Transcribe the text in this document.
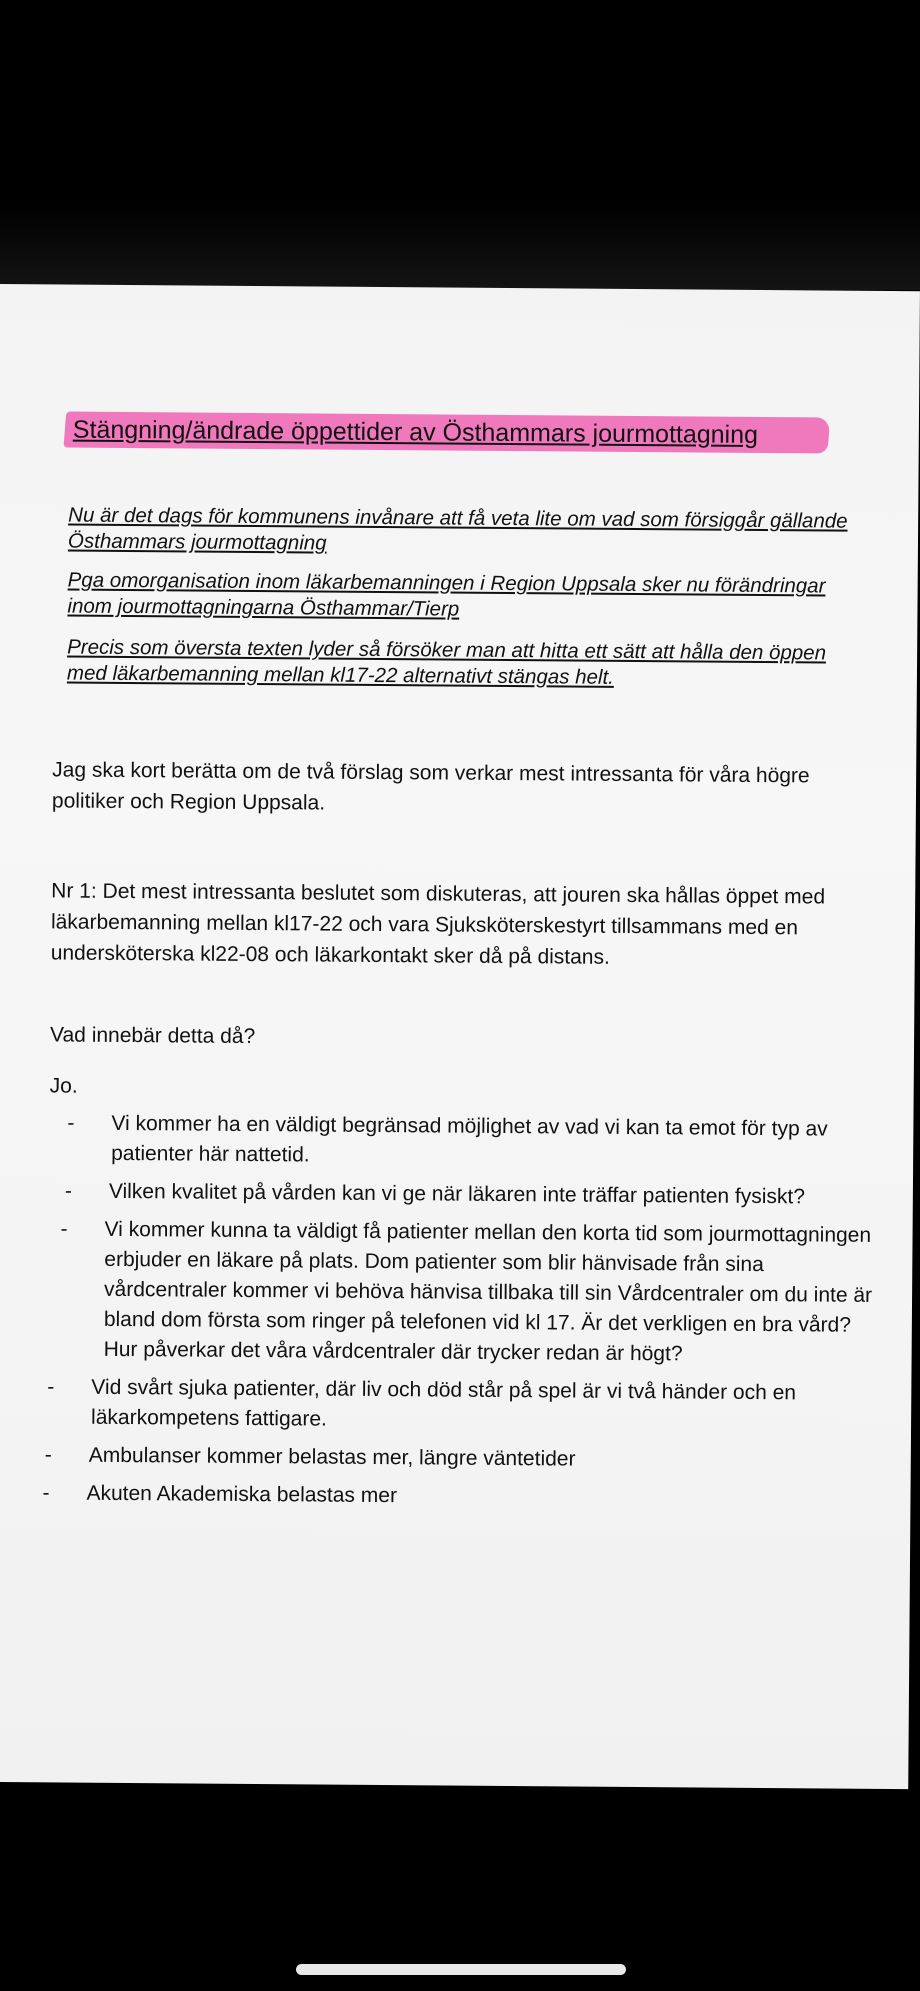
Stängning/ändrade öppettider av Östhammars jourmottagning
Nu är det dags för kommunens invånare att få veta lite om vad som försiggår gällande Östhammars jourmottagning
Pga omorganisation inom läkarbemanningen i Region Uppsala sker nu förändringar inom jourmottagningarna Östhammar/Tierp
Precis som översta texten lyder så försöker man att hitta ett sätt att hålla den öppen med läkarbemanning mellan kl17-22 alternativt stängas helt.
Jag ska kort berätta om de två förslag som verkar mest intressanta för våra högre politiker och Region Uppsala.
Nr 1: Det mest intressanta beslutet som diskuteras, att jouren ska hållas öppet med läkarbemanning mellan kl17-22 och vara Sjuksköterskestyrt tillsammans med en undersköterska kl22-08 och läkarkontakt sker då på distans.
Vad innebär detta då?
Jo.
-	Vi kommer ha en väldigt begränsad möjlighet av vad vi kan ta emot för typ av patienter här nattetid.
-	Vilken kvalitet på vården kan vi ge när läkaren inte träffar patienten fysiskt?
-	Vi kommer kunna ta väldigt få patienter mellan den korta tid som jourmottagningen erbjuder en läkare på plats. Dom patienter som blir hänvisade från sina vårdcentraler kommer vi behöva hänvisa tillbaka till sin Vårdcentraler om du inte är bland dom första som ringer på telefonen vid kl 17. Är det verkligen en bra vård? Hur påverkar det våra vårdcentraler där trycker redan är högt?
-	Vid svårt sjuka patienter, där liv och död står på spel är vi två händer och en läkarkompetens fattigare.
-	Ambulanser kommer belastas mer, längre väntetider
-	Akuten Akademiska belastas mer
